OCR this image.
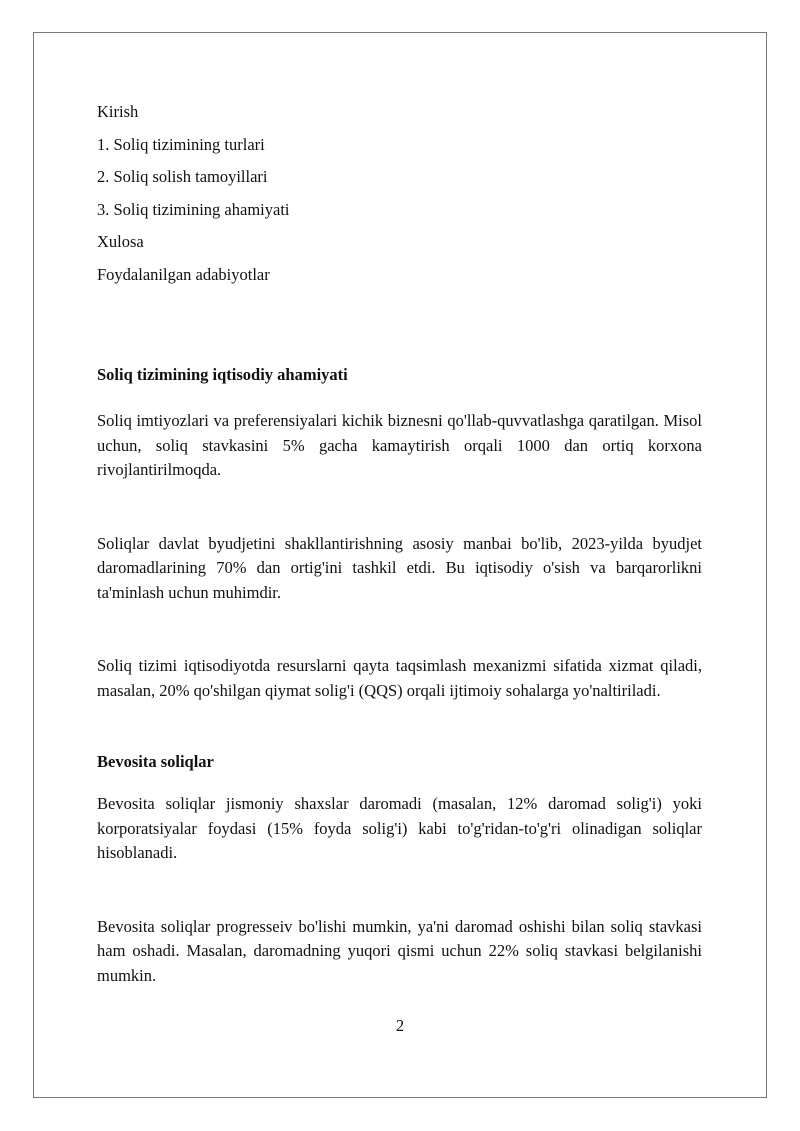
Kirish

1. Soliq tizimining turlari

2. Soliq solish tamoyillari

3. Soliq tizimining ahamiyati

Xulosa

Foydalanilgan adabiyotlar

Soliq tizimining iqtisodiy ahamiyati

Soliq imtiyozlari va preferensiyalari kichik biznesni qo'llab-quvvatlashga qaratilgan. Misol uchun, soliq stavkasini 5% gacha kamaytirish orqali 1000 dan ortiq korxona rivojlantirilmoqda.

Soliqlar davlat byudjetini shakllantirishning asosiy manbai bo'lib, 2023-yilda byudjet daromadlarining 70% dan ortig'ini tashkil etdi. Bu iqtisodiy o'sish va barqarorlikni ta'minlash uchun muhimdir.

Soliq tizimi iqtisodiyotda resurslarni qayta taqsimlash mexanizmi sifatida xizmat qiladi, masalan, 20% qo'shilgan qiymat solig'i (QQS) orqali ijtimoiy sohalarga yo'naltiriladi.

Bevosita soliqlar

Bevosita soliqlar jismoniy shaxslar daromadi (masalan, 12% daromad solig'i) yoki korporatsiyalar foydasi (15% foyda solig'i) kabi to'g'ridan-to'g'ri olinadigan soliqlar hisoblanadi.

Bevosita soliqlar progresseiv bo'lishi mumkin, ya'ni daromad oshishi bilan soliq stavkasi ham oshadi. Masalan, daromadning yuqori qismi uchun 22% soliq stavkasi belgilanishi mumkin.

2
